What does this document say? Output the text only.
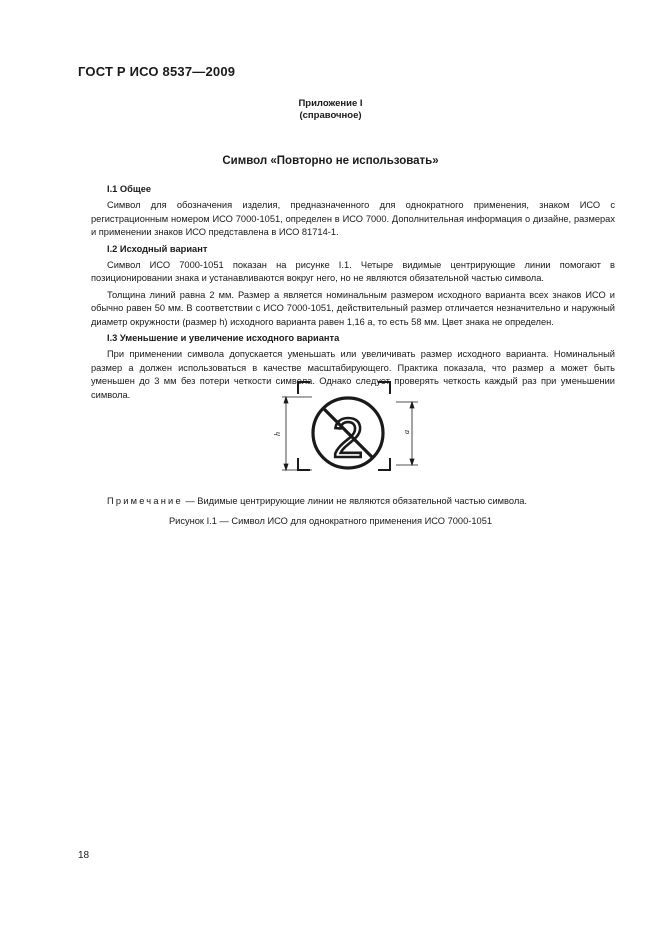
ГОСТ Р ИСО 8537—2009
Приложение I
(справочное)
Символ «Повторно не использовать»
I.1 Общее

Символ для обозначения изделия, предназначенного для однократного применения, знаком ИСО с регистрационным номером ИСО 7000-1051, определен в ИСО 7000. Дополнительная информация о дизайне, размерах и применении знаков ИСО представлена в ИСО 81714-1.

I.2 Исходный вариант

Символ ИСО 7000-1051 показан на рисунке I.1. Четыре видимые центрирующие линии помогают в позиционировании знака и устанавливаются вокруг него, но не являются обязательной частью символа.

Толщина линий равна 2 мм. Размер a является номинальным размером исходного варианта всех знаков ИСО и обычно равен 50 мм. В соответствии с ИСО 7000-1051, действительный размер отличается незначительно и наружный диаметр окружности (размер h) исходного варианта равен 1,16 a, то есть 58 мм. Цвет знака не определен.

I.3 Уменьшение и увеличение исходного варианта

При применении символа допускается уменьшать или увеличивать размер исходного варианта. Номинальный размер a должен использоваться в качестве масштабирующего. Практика показала, что размер a может быть уменьшен до 3 мм без потери четкости символа. Однако следует проверять четкость каждый раз при уменьшении символа.

h	a
2
Примечание — Видимые центрирующие линии не являются обязательной частью символа.
Рисунок I.1 — Символ ИСО для однократного применения ИСО 7000-1051
18
